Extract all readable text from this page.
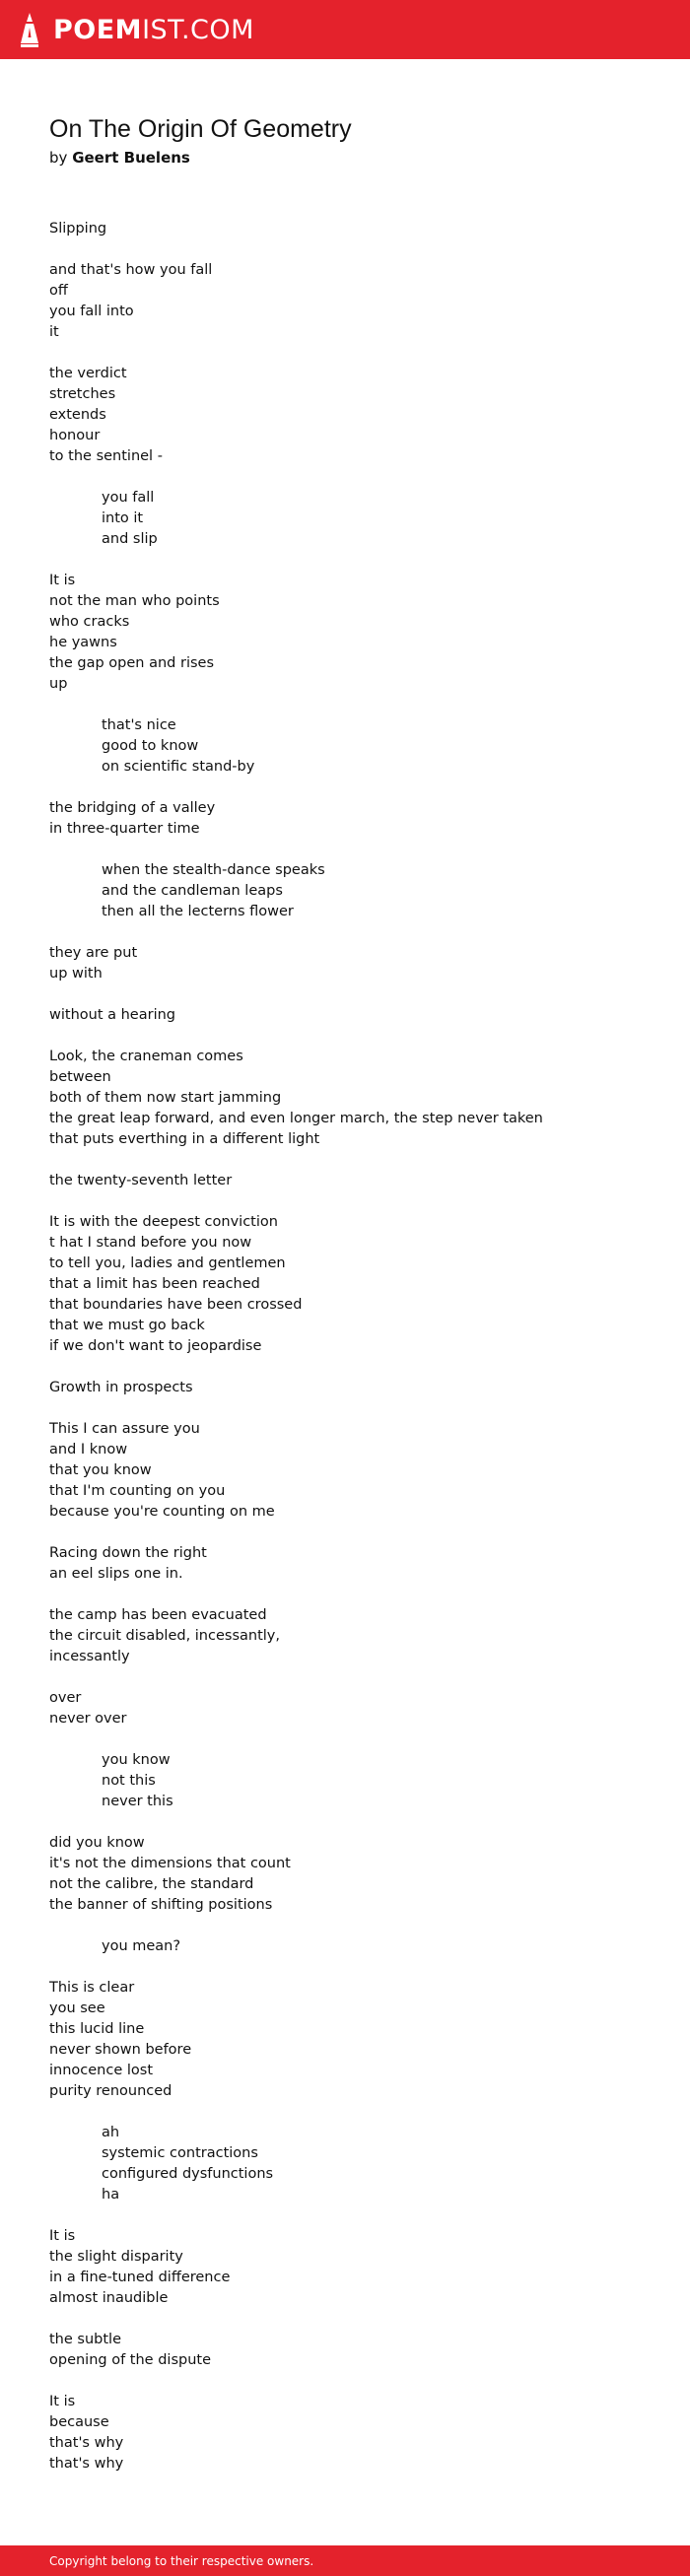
POEMIST.COM
On The Origin Of Geometry
by Geert Buelens
Slipping
and that's how you fall
off
you fall into
it
the verdict
stretches
extends
honour
to the sentinel -
you fall
into it
and slip
It is
not the man who points
who cracks
he yawns
the gap open and rises
up
that's nice
good to know
on scientific stand-by
the bridging of a valley
in three-quarter time
when the stealth-dance speaks
and the candleman leaps
then all the lecterns flower
they are put
up with
without a hearing
Look, the craneman comes
between
both of them now start jamming
the great leap forward, and even longer march, the step never taken
that puts everthing in a different light
the twenty-seventh letter
It is with the deepest conviction
t hat I stand before you now
to tell you, ladies and gentlemen
that a limit has been reached
that boundaries have been crossed
that we must go back
if we don't want to jeopardise
Growth in prospects
This I can assure you
and I know
that you know
that I'm counting on you
because you're counting on me
Racing down the right
an eel slips one in.
the camp has been evacuated
the circuit disabled, incessantly,
incessantly
over
never over
you know
not this
never this
did you know
it's not the dimensions that count
not the calibre, the standard
the banner of shifting positions
you mean?
This is clear
you see
this lucid line
never shown before
innocence lost
purity renounced
ah
systemic contractions
configured dysfunctions
ha
It is
the slight disparity
in a fine-tuned difference
almost inaudible
the subtle
opening of the dispute
It is
because
that's why
that's why
Copyright belong to their respective owners.
